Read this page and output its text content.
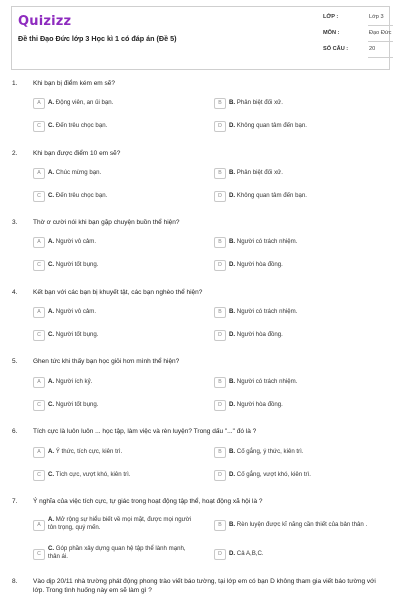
Quizizz
Đề thi Đạo Đức lớp 3 Học kì 1 có đáp án (Đề 5)
LỚP :	Lớp 3
MÔN :	Đạo Đức
SỐ CÂU :	20
1. Khi bạn bị điểm kém em sẽ?
A	A. Động viên, an ủi bạn.	B	B. Phân biệt đối xử.
C	C. Đến trêu chọc bạn.	D	D. Không quan tâm đến bạn.
2. Khi bạn được điểm 10 em sẽ?
A	A. Chúc mừng bạn.	B	B. Phân biệt đối xử.
C	C. Đến trêu chọc bạn.	D	D. Không quan tâm đến bạn.
3. Thờ ơ cười nói khi bạn gặp chuyện buồn thể hiện?
A	A. Người vô cảm.	B	B. Người có trách nhiệm.
C	C. Người tốt bụng.	D	D. Người hòa đồng.
4. Kết bạn với các bạn bị khuyết tật, các bạn nghèo thể hiện?
A	A. Người vô cảm.	B	B. Người có trách nhiệm.
C	C. Người tốt bụng.	D	D. Người hòa đồng.
5. Ghen tức khi thấy bạn học giỏi hơn mình thể hiện?
A	A. Người ích kỷ.	B	B. Người có trách nhiệm.
C	C. Người tốt bụng.	D	D. Người hòa đồng.
6. Tích cực là luôn luôn ... học tập, làm việc và rèn luyện? Trong dấu "..." đó là ?
A	A. Ý thức, tích cực, kiên trì.	B	B. Cố gắng, ý thức, kiên trì.
C	C. Tích cực, vượt khó, kiên trì.	D	D. Cố gắng, vượt khó, kiên trì.
7. Ý nghĩa của việc tích cực, tự giác trong hoạt động tập thể, hoạt động xã hội là ?
A
A. Mở rộng sự hiểu biết về mọi mặt, được mọi người tôn trọng, quý mến.	B	B. Rèn luyện được kĩ năng cần thiết của bản thân .
C
C. Góp phần xây dựng quan hệ tập thể lành mạnh, thân ái.	D	D. Cả A,B,C.
8. Vào dịp 20/11 nhà trường phát động phong trào viết báo tường, tại lớp em có bạn D không tham gia viết báo tường với lớp. Trong tình huống này em sẽ làm gì ?
